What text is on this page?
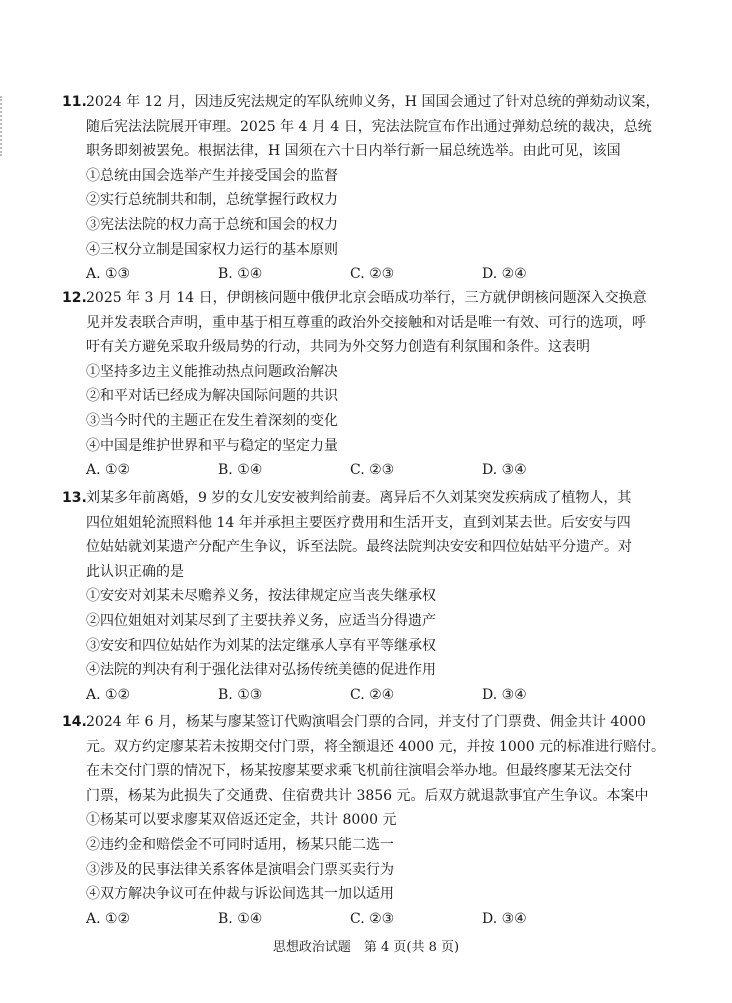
11. 2024 年 12 月，因违反宪法规定的军队统帅义务，H 国国会通过了针对总统的弹劾动议案，
随后宪法法院展开审理。2025 年 4 月 4 日，宪法法院宣布作出通过弹劾总统的裁决，总统
职务即刻被罢免。根据法律，H 国须在六十日内举行新一届总统选举。由此可见，该国
①总统由国会选举产生并接受国会的监督
②实行总统制共和制，总统掌握行政权力
③宪法法院的权力高于总统和国会的权力
④三权分立制是国家权力运行的基本原则
A. ①③	B. ①④	C. ②③	D. ②④
12. 2025 年 3 月 14 日，伊朗核问题中俄伊北京会晤成功举行，三方就伊朗核问题深入交换意
见并发表联合声明，重申基于相互尊重的政治外交接触和对话是唯一有效、可行的选项，呼
吁有关方避免采取升级局势的行动，共同为外交努力创造有利氛围和条件。这表明
①坚持多边主义能推动热点问题政治解决
②和平对话已经成为解决国际问题的共识
③当今时代的主题正在发生着深刻的变化
④中国是维护世界和平与稳定的坚定力量
A. ①②	B. ①④	C. ②③	D. ③④
13. 刘某多年前离婚，9 岁的女儿安安被判给前妻。离异后不久刘某突发疾病成了植物人，其
四位姐姐轮流照料他 14 年并承担主要医疗费用和生活开支，直到刘某去世。后安安与四
位姑姑就刘某遗产分配产生争议，诉至法院。最终法院判决安安和四位姑姑平分遗产。对
此认识正确的是
①安安对刘某未尽赡养义务，按法律规定应当丧失继承权
②四位姐姐对刘某尽到了主要扶养义务，应适当分得遗产
③安安和四位姑姑作为刘某的法定继承人享有平等继承权
④法院的判决有利于强化法律对弘扬传统美德的促进作用
A. ①②	B. ①③	C. ②④	D. ③④
14. 2024 年 6 月，杨某与廖某签订代购演唱会门票的合同，并支付了门票费、佣金共计 4000
元。双方约定廖某若未按期交付门票，将全额退还 4000 元，并按 1000 元的标准进行赔付。
在未交付门票的情况下，杨某按廖某要求乘飞机前往演唱会举办地。但最终廖某无法交付
门票，杨某为此损失了交通费、住宿费共计 3856 元。后双方就退款事宜产生争议。本案中
①杨某可以要求廖某双倍返还定金，共计 8000 元
②违约金和赔偿金不可同时适用，杨某只能二选一
③涉及的民事法律关系客体是演唱会门票买卖行为
④双方解决争议可在仲裁与诉讼间选其一加以适用
A. ①②	B. ①④	C. ②③	D. ③④
思想政治试题　第 4 页(共 8 页)
